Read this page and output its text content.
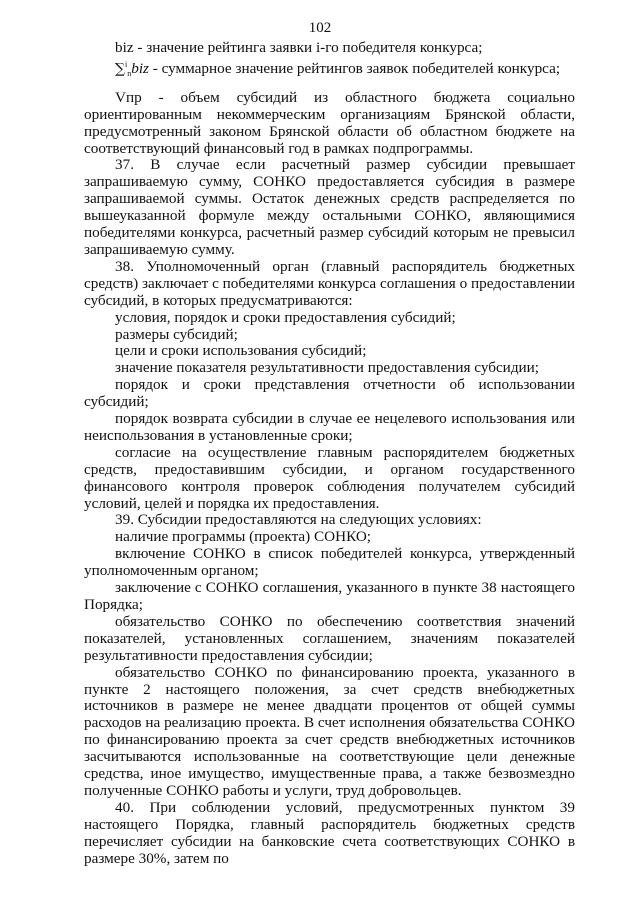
102

biz - значение рейтинга заявки i-го победителя конкурса;

∑$^i_n$biz - суммарное значение рейтингов заявок победителей конкурса;

Vпр - объем субсидий из областного бюджета социально ориентированным некоммерческим организациям Брянской области, предусмотренный законом Брянской области об областном бюджете на соответствующий финансовый год в рамках подпрограммы.

37. В случае если расчетный размер субсидии превышает запрашиваемую сумму, СОНКО предоставляется субсидия в размере запрашиваемой суммы. Остаток денежных средств распределяется по вышеуказанной формуле между остальными СОНКО, являющимися победителями конкурса, расчетный размер субсидий которым не превысил запрашиваемую сумму.

38. Уполномоченный орган (главный распорядитель бюджетных средств) заключает с победителями конкурса соглашения о предоставлении субсидий, в которых предусматриваются:

условия, порядок и сроки предоставления субсидий;

размеры субсидий;

цели и сроки использования субсидий;

значение показателя результативности предоставления субсидии;

порядок и сроки представления отчетности об использовании субсидий;

порядок возврата субсидии в случае ее нецелевого использования или неиспользования в установленные сроки;

согласие на осуществление главным распорядителем бюджетных средств, предоставившим субсидии, и органом государственного финансового контроля проверок соблюдения получателем субсидий условий, целей и порядка их предоставления.

39. Субсидии предоставляются на следующих условиях:

наличие программы (проекта) СОНКО;

включение СОНКО в список победителей конкурса, утвержденный уполномоченным органом;

заключение с СОНКО соглашения, указанного в пункте 38 настоящего Порядка;

обязательство СОНКО по обеспечению соответствия значений показателей, установленных соглашением, значениям показателей результативности предоставления субсидии;

обязательство СОНКО по финансированию проекта, указанного в пункте 2 настоящего положения, за счет средств внебюджетных источников в размере не менее двадцати процентов от общей суммы расходов на реализацию проекта. В счет исполнения обязательства СОНКО по финансированию проекта за счет средств внебюджетных источников засчитываются использованные на соответствующие цели денежные средства, иное имущество, имущественные права, а также безвозмездно полученные СОНКО работы и услуги, труд добровольцев.

40. При соблюдении условий, предусмотренных пунктом 39 настоящего Порядка, главный распорядитель бюджетных средств перечисляет субсидии на банковские счета соответствующих СОНКО в размере 30%, затем по
